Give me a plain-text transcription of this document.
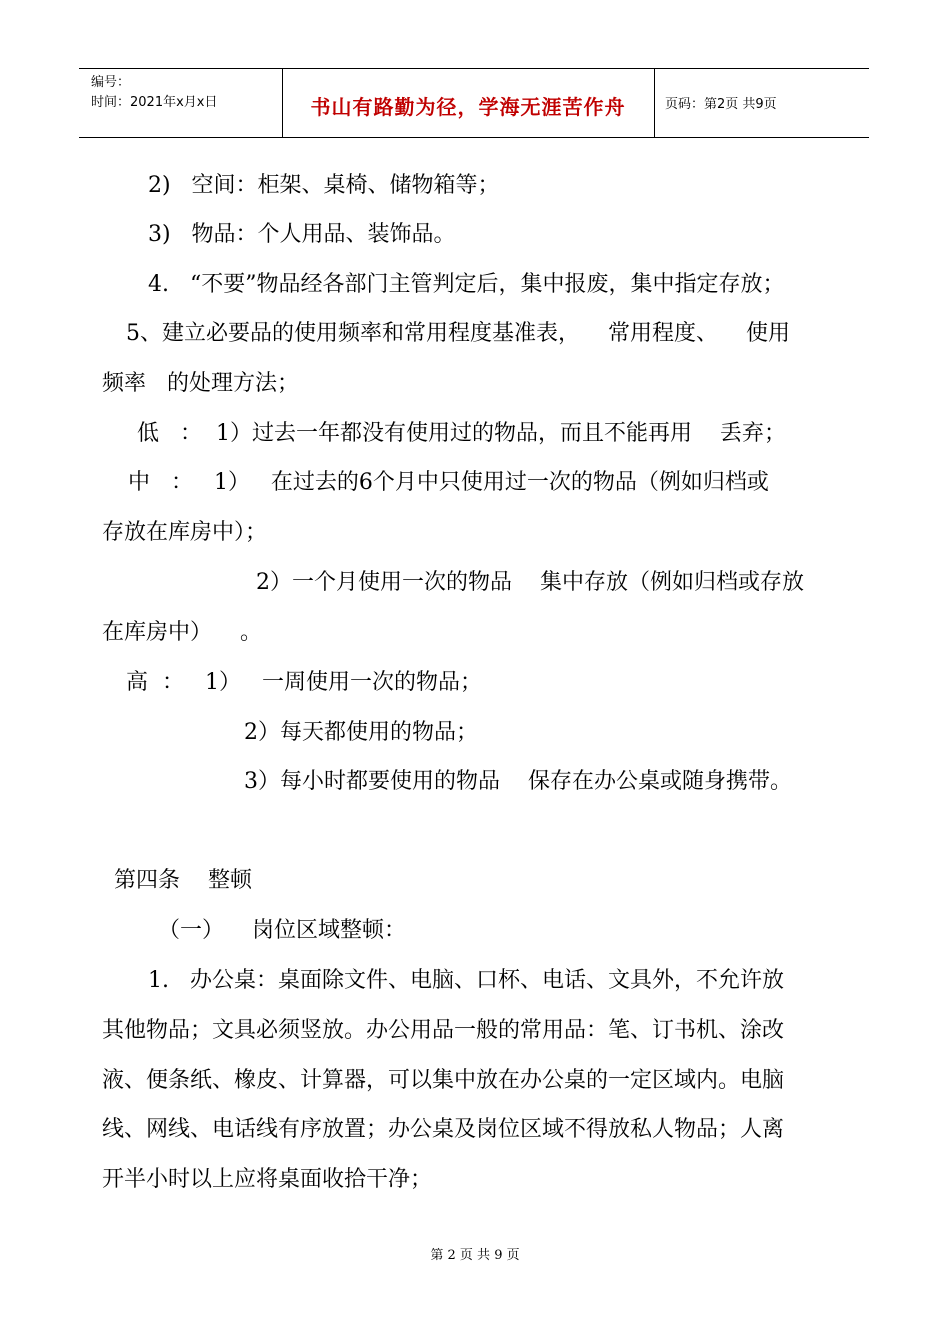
编号：
时间：2021年x月x日	书山有路勤为径，学海无涯苦作舟	页码：第2页 共9页
2)   空间：柜架、桌椅、储物箱等；
3)   物品：个人用品、装饰品。
4.   “不要”物品经各部门主管判定后，集中报废，集中指定存放；
5、建立必要品的使用频率和常用程度基准表，    常用程度、    使用
频率   的处理方法；
低   ：  1）过去一年都没有使用过的物品，而且不能再用    丢弃；
中   ：   1）   在过去的6个月中只使用过一次的物品（例如归档或
存放在库房中）；
2）一个月使用一次的物品    集中存放（例如归档或存放
在库房中）    。
高  ：   1）   一周使用一次的物品；
2）每天都使用的物品；
3）每小时都要使用的物品    保存在办公桌或随身携带。
第四条    整顿
（一）    岗位区域整顿：
1.   办公桌：桌面除文件、电脑、口杯、电话、文具外，不允许放
其他物品；文具必须竖放。办公用品一般的常用品：笔、订书机、涂改
液、便条纸、橡皮、计算器，可以集中放在办公桌的一定区域内。电脑
线、网线、电话线有序放置；办公桌及岗位区域不得放私人物品；人离
开半小时以上应将桌面收拾干净；
第 2 页 共 9 页
